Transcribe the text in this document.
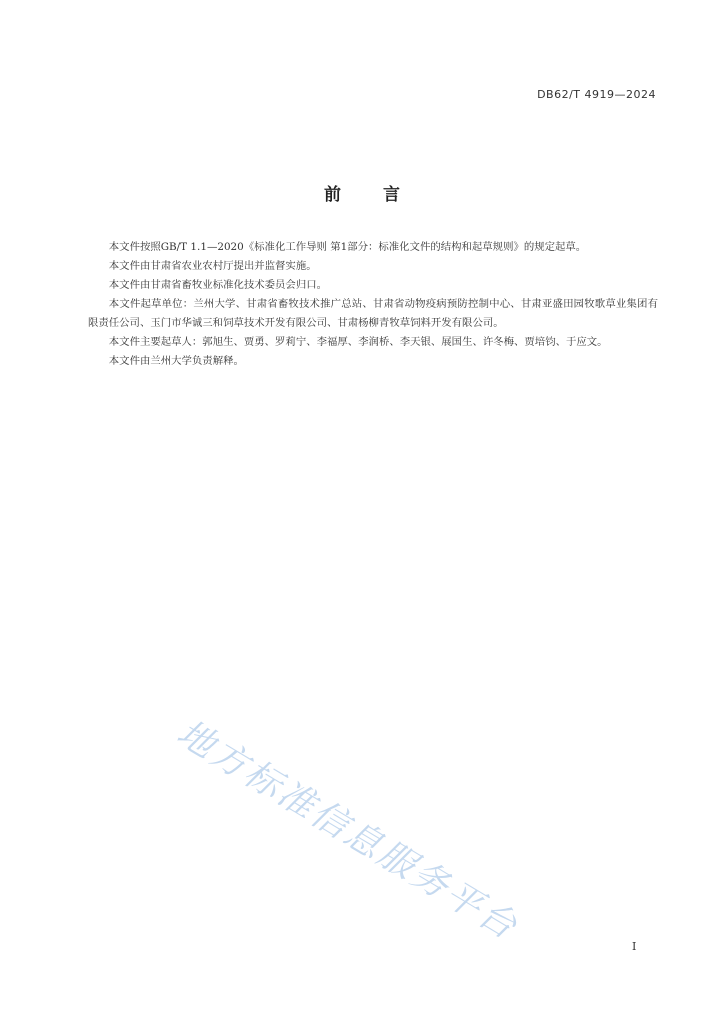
DB62/T 4919—2024
前言

本文件按照GB/T 1.1—2020《标准化工作导则 第1部分：标准化文件的结构和起草规则》的规定起草。

本文件由甘肃省农业农村厅提出并监督实施。

本文件由甘肃省畜牧业标准化技术委员会归口。

本文件起草单位：兰州大学、甘肃省畜牧技术推广总站、甘肃省动物疫病预防控制中心、甘肃亚盛田园牧歌草业集团有限责任公司、玉门市华诚三和饲草技术开发有限公司、甘肃杨柳青牧草饲料开发有限公司。

本文件主要起草人：郭旭生、贾勇、罗莉宁、李福厚、李润桥、李天银、展国生、许冬梅、贾培钧、于应文。

本文件由兰州大学负责解释。

地方标准信息服务平台	I
